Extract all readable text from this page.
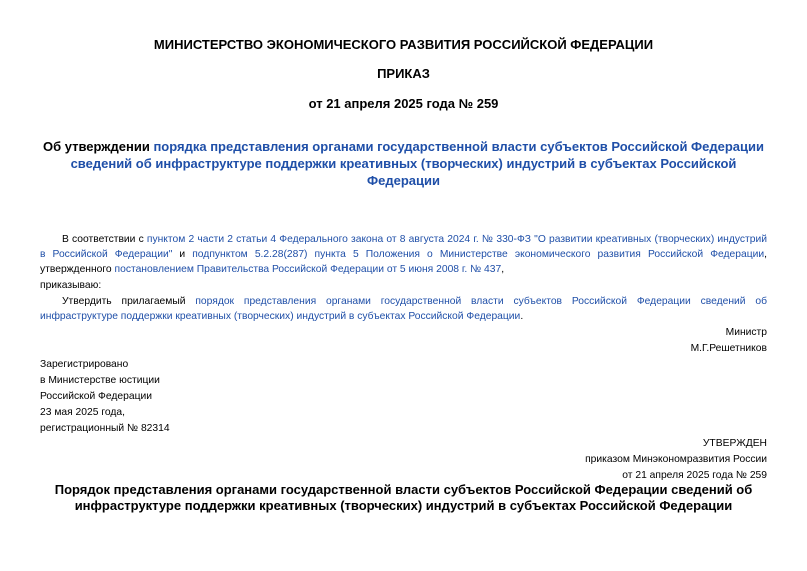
МИНИСТЕРСТВО ЭКОНОМИЧЕСКОГО РАЗВИТИЯ РОССИЙСКОЙ ФЕДЕРАЦИИ
ПРИКАЗ
от 21 апреля 2025 года № 259
Об утверждении порядка представления органами государственной власти субъектов Российской Федерации сведений об инфраструктуре поддержки креативных (творческих) индустрий в субъектах Российской Федерации
В соответствии с пунктом 2 части 2 статьи 4 Федерального закона от 8 августа 2024 г. № 330-ФЗ "О развитии креативных (творческих) индустрий в Российской Федерации" и подпунктом 5.2.28(287) пункта 5 Положения о Министерстве экономического развития Российской Федерации, утвержденного постановлением Правительства Российской Федерации от 5 июня 2008 г. № 437,
приказываю:
Утвердить прилагаемый порядок представления органами государственной власти субъектов Российской Федерации сведений об инфраструктуре поддержки креативных (творческих) индустрий в субъектах Российской Федерации.
Министр
М.Г.Решетников
Зарегистрировано
в Министерстве юстиции
Российской Федерации
23 мая 2025 года,
регистрационный № 82314
УТВЕРЖДЕН
приказом Минэкономразвития России
от 21 апреля 2025 года № 259
Порядок представления органами государственной власти субъектов Российской Федерации сведений об инфраструктуре поддержки креативных (творческих) индустрий в субъектах Российской Федерации
